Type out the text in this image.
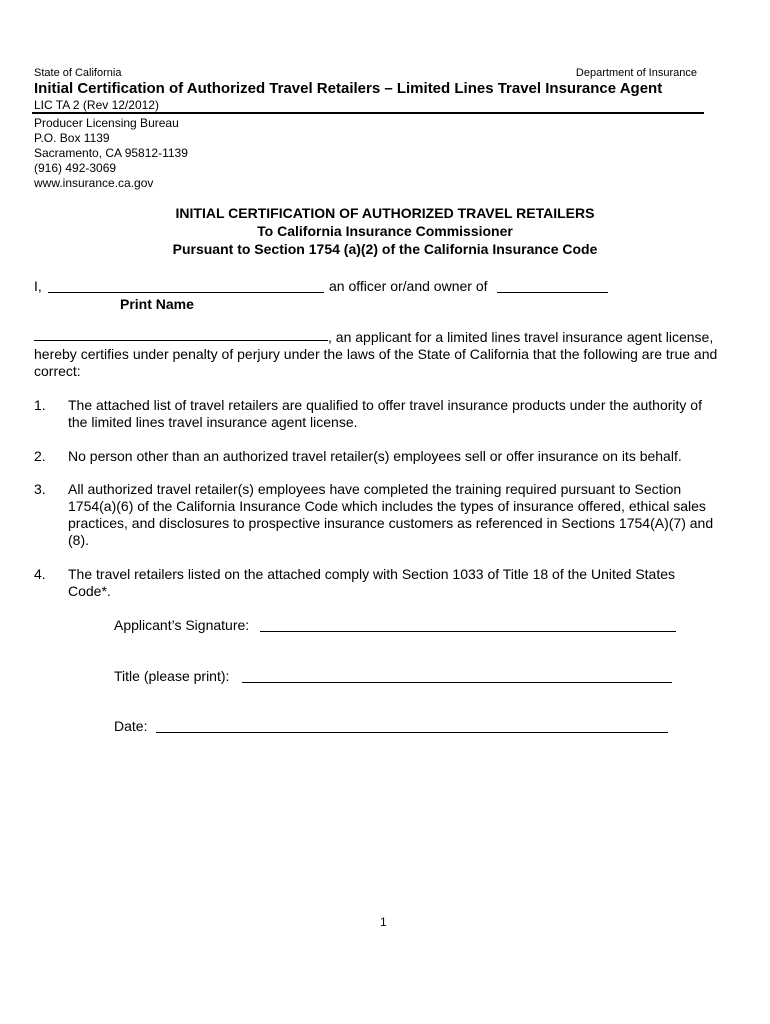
State of California	Department of Insurance
Initial Certification of Authorized Travel Retailers – Limited Lines Travel Insurance Agent
LIC TA 2 (Rev 12/2012)
Producer Licensing Bureau
P.O. Box 1139
Sacramento, CA 95812-1139
(916) 492-3069
www.insurance.ca.gov
INITIAL CERTIFICATION OF AUTHORIZED TRAVEL RETAILERS
To California Insurance Commissioner
Pursuant to Section 1754 (a)(2) of the California Insurance Code
I,	an officer or/and owner of
Print Name
, an applicant for a limited lines travel insurance agent license,
hereby certifies under penalty of perjury under the laws of the State of California that the following are true and correct:
1. The attached list of travel retailers are qualified to offer travel insurance products under the authority of the limited lines travel insurance agent license.
2. No person other than an authorized travel retailer(s) employees sell or offer insurance on its behalf.
3. All authorized travel retailer(s) employees have completed the training required pursuant to Section 1754(a)(6) of the California Insurance Code which includes the types of insurance offered, ethical sales practices, and disclosures to prospective insurance customers as referenced in Sections 1754(A)(7) and (8).
4. The travel retailers listed on the attached comply with Section 1033 of Title 18 of the United States Code*.
Applicant’s Signature:
Title (please print):
Date:
1
